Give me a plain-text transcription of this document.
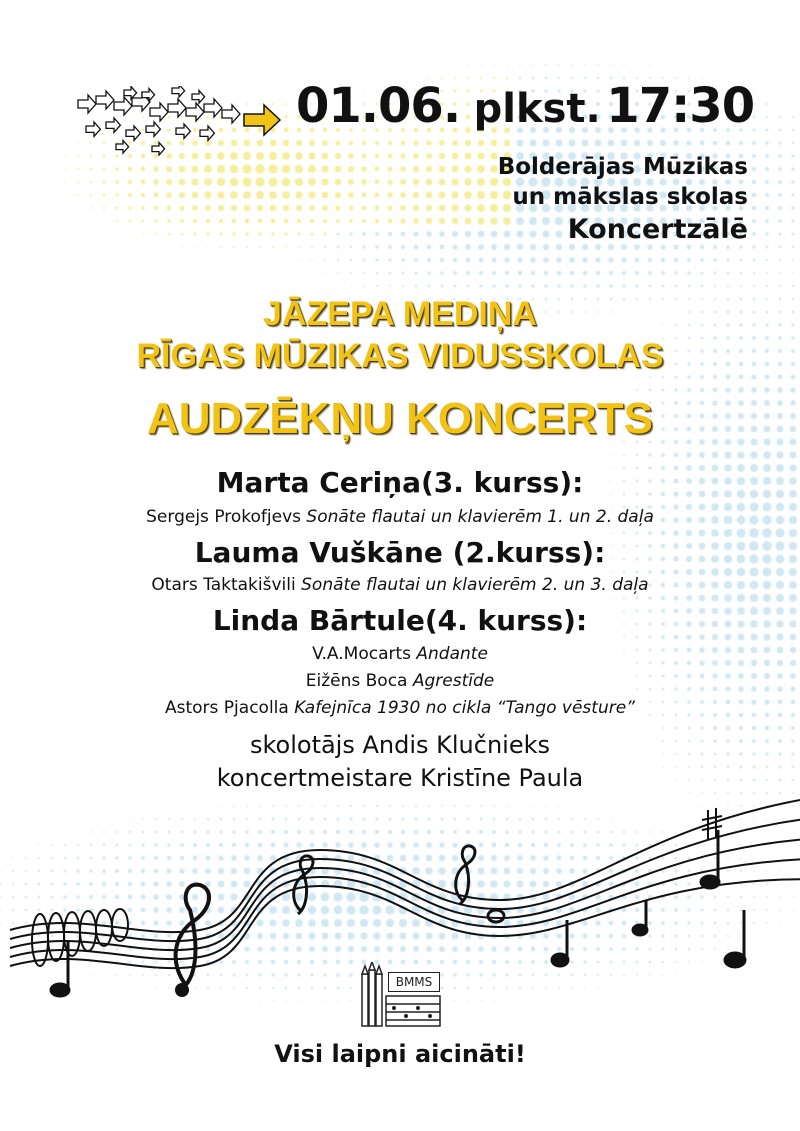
01.06. plkst. 17:30
Bolderājas Mūzikas
un mākslas skolas
Koncertzālē
JĀZEPA MEDIŅA
RĪGAS MŪZIKAS VIDUSSKOLAS
AUDZĒKŅU KONCERTS
Marta Ceriņa(3. kurss):
Sergejs Prokofjevs Sonāte flautai un klavierēm 1. un 2. daļa
Lauma Vuškāne (2.kurss):
Otars Taktakišvili Sonāte flautai un klavierēm 2. un 3. daļa
Linda Bārtule(4. kurss):
V.A.Mocarts Andante
Eižēns Boca Agrestīde
Astors Pjacolla Kafejnīca 1930 no cikla “Tango vēsture”
skolotājs Andis Klučnieks
koncertmeistare Kristīne Paula
BMMS
Visi laipni aicināti!
